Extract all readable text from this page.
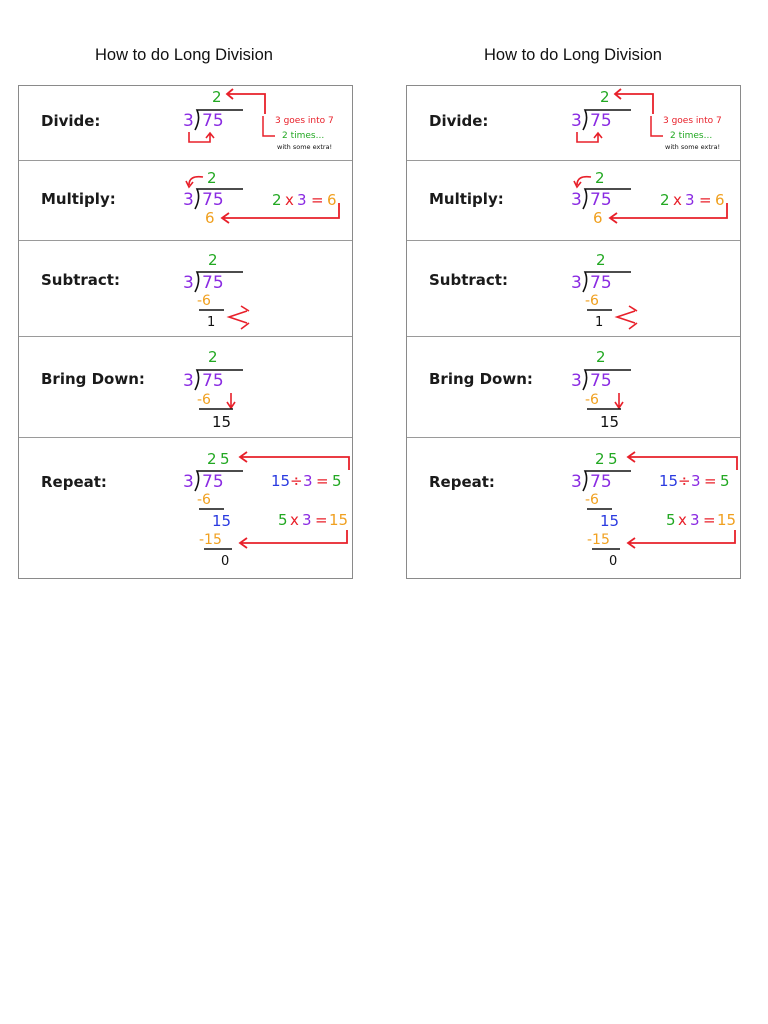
How to do Long Division	How to do Long Division
Divide:
2
3 75	3 goes into 7
2 times...
with some extra!
Multiply:
2
3 75
6
2 x 3 = 6
Subtract:
2
3 75
-6
1
Bring Down:
2
3 75
-6
15
Repeat:
2 5
3 75
-6
15
-15
0
15 ÷ 3 = 5
5 x 3 = 15
Divide:
2
3 75	3 goes into 7
2 times...
with some extra!
Multiply:
2
3 75
6
2 x 3 = 6
Subtract:
2
3 75
-6
1
Bring Down:
2
3 75
-6
15
Repeat:
2 5
3 75
-6
15
-15
0
15 ÷ 3 = 5
5 x 3 = 15
